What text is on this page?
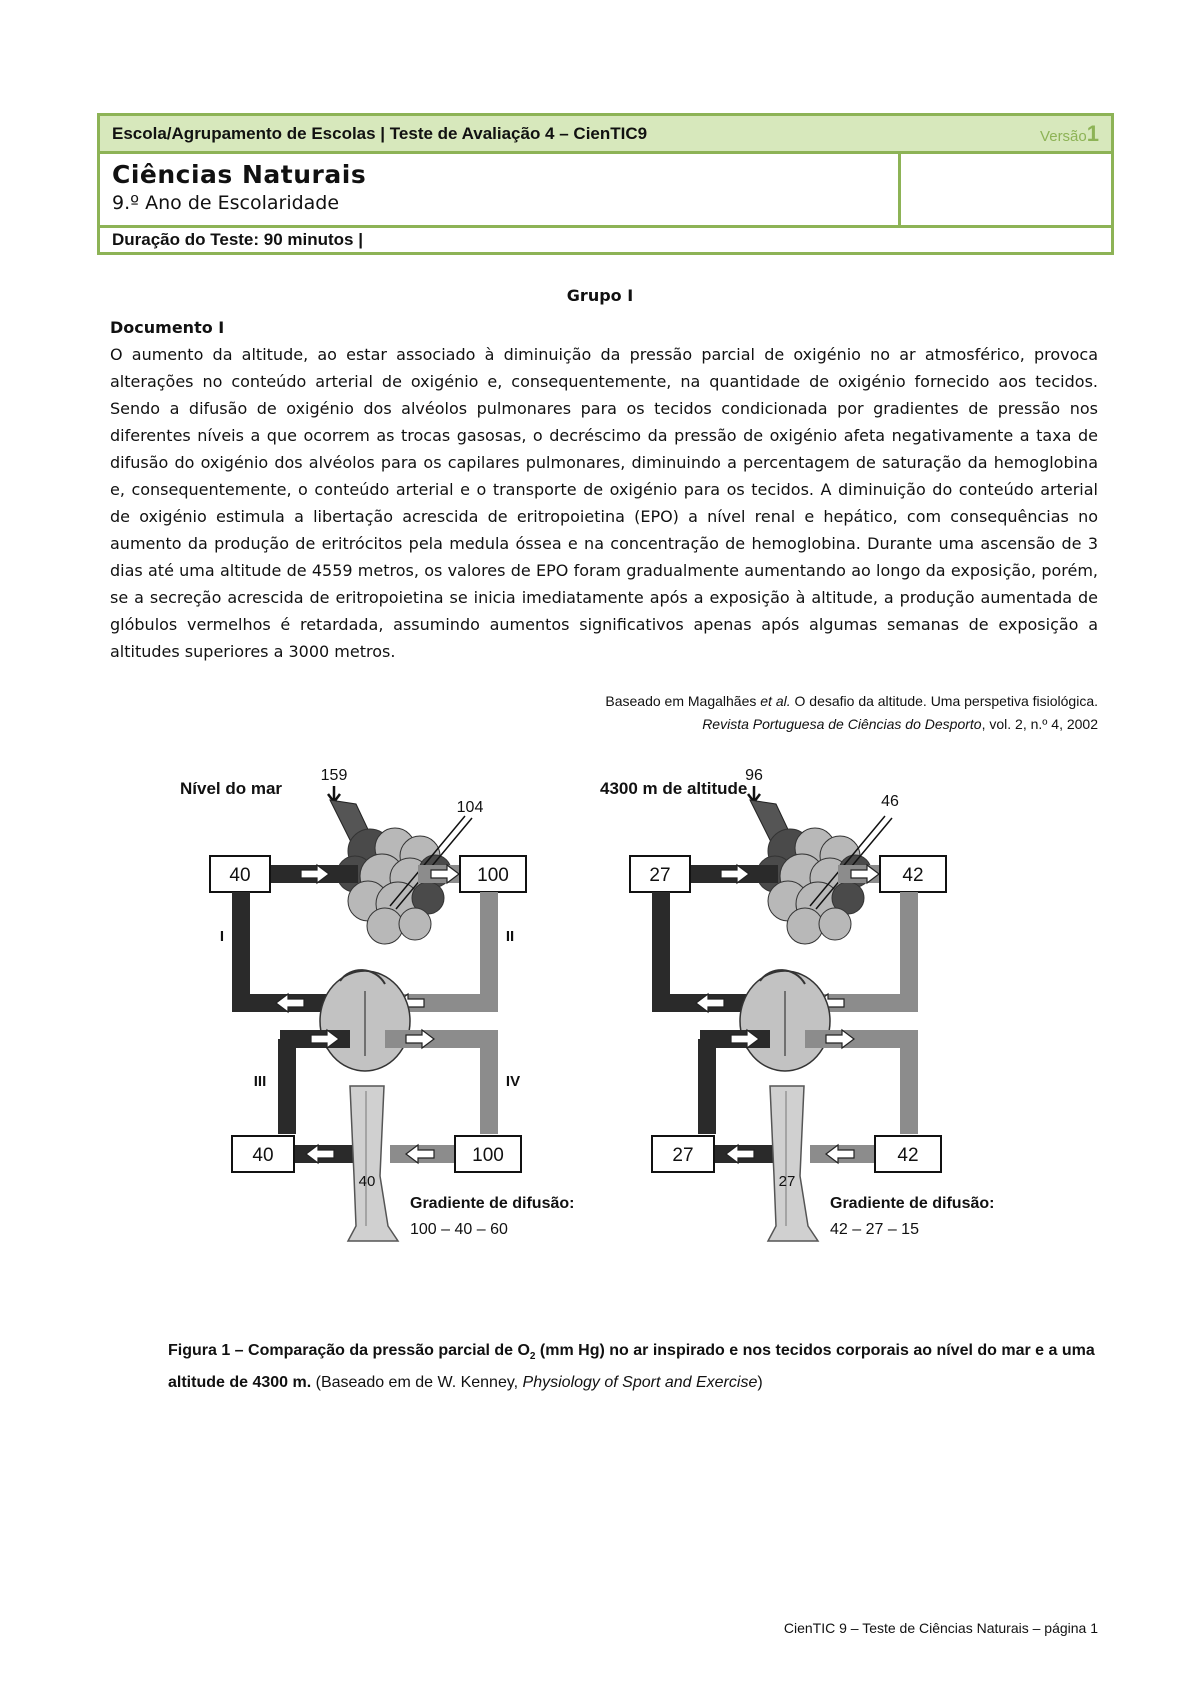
Escola/Agrupamento de Escolas | Teste de Avaliação 4 – CienTIC9	Versão1
Ciências Naturais
9.º Ano de Escolaridade
Duração do Teste: 90 minutos |
Grupo I
Documento I
O aumento da altitude, ao estar associado à diminuição da pressão parcial de oxigénio no ar atmosférico, provoca alterações no conteúdo arterial de oxigénio e, consequentemente, na quantidade de oxigénio fornecido aos tecidos. Sendo a difusão de oxigénio dos alvéolos pulmonares para os tecidos condicionada por gradientes de pressão nos diferentes níveis a que ocorrem as trocas gasosas, o decréscimo da pressão de oxigénio afeta negativamente a taxa de difusão do oxigénio dos alvéolos para os capilares pulmonares, diminuindo a percentagem de saturação da hemoglobina e, consequentemente, o conteúdo arterial e o transporte de oxigénio para os tecidos. A diminuição do conteúdo arterial de oxigénio estimula a libertação acrescida de eritropoietina (EPO) a nível renal e hepático, com consequências no aumento da produção de eritrócitos pela medula óssea e na concentração de hemoglobina. Durante uma ascensão de 3 dias até uma altitude de 4559 metros, os valores de EPO foram gradualmente aumentando ao longo da exposição, porém, se a secreção acrescida de eritropoietina se inicia imediatamente após a exposição à altitude, a produção aumentada de glóbulos vermelhos é retardada, assumindo aumentos significativos apenas após algumas semanas de exposição a altitudes superiores a 3000 metros.
Baseado em Magalhães et al. O desafio da altitude. Uma perspetiva fisiológica.
Revista Portuguesa de Ciências do Desporto, vol. 2, n.º 4, 2002
Nível do mar
159
104
40	100
40	100
40
I	II
III	IV
Gradiente de difusão:
100 – 40 – 60
4300 m de altitude
96
46
27	42
27	42
27
Gradiente de difusão:
42 – 27 – 15
Figura 1 – Comparação da pressão parcial de $O_2$ (mm Hg) no ar inspirado e nos tecidos corporais ao nível do mar e a uma altitude de 4300 m. (Baseado em de W. Kenney, Physiology of Sport and Exercise)
CienTIC 9 – Teste de Ciências Naturais – página 1
